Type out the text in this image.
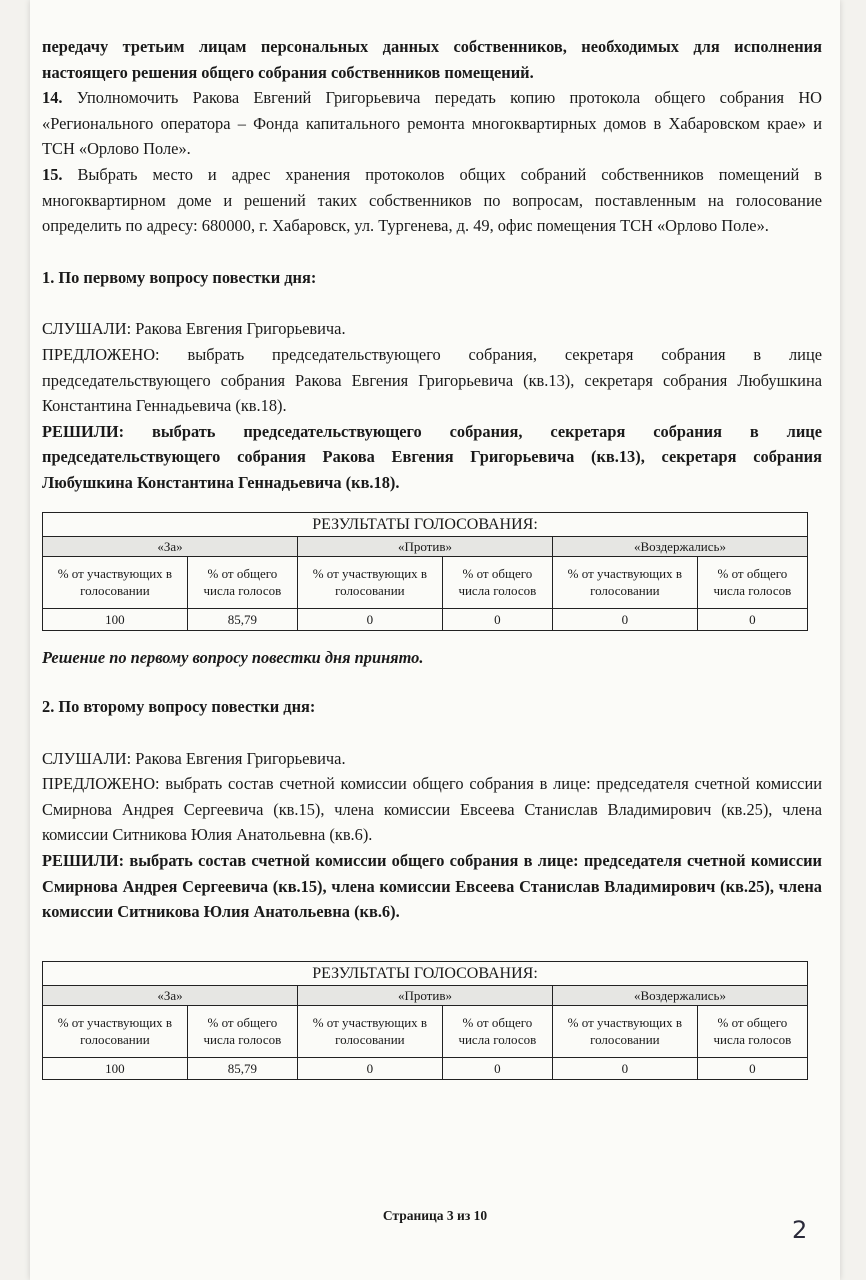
передачу третьим лицам персональных данных собственников, необходимых для исполнения настоящего решения общего собрания собственников помещений.

14. Уполномочить Ракова Евгений Григорьевича передать копию протокола общего собрания НО «Регионального оператора – Фонда капитального ремонта многоквартирных домов в Хабаровском крае» и ТСН «Орлово Поле».

15. Выбрать место и адрес хранения протоколов общих собраний собственников помещений в многоквартирном доме и решений таких собственников по вопросам, поставленным на голосование определить по адресу: 680000, г. Хабаровск, ул. Тургенева, д. 49, офис помещения ТСН «Орлово Поле».

1. По первому вопросу повестки дня:

СЛУШАЛИ: Ракова Евгения Григорьевича.

ПРЕДЛОЖЕНО: выбрать председательствующего собрания, секретаря собрания в лице председательствующего собрания Ракова Евгения Григорьевича (кв.13), секретаря собрания Любушкина Константина Геннадьевича (кв.18).

РЕШИЛИ: выбрать председательствующего собрания, секретаря собрания в лице председательствующего собрания Ракова Евгения Григорьевича (кв.13), секретаря собрания Любушкина Константина Геннадьевича (кв.18).

РЕЗУЛЬТАТЫ ГОЛОСОВАНИЯ:					
«За»		«Против»		«Воздержались»	
% от участвующих в голосовании	% от общего числа голосов	% от участвующих в голосовании	% от общего числа голосов	% от участвующих в голосовании	% от общего числа голосов
100	85,79	0	0	0	0

Решение по первому вопросу повестки дня принято.

2. По второму вопросу повестки дня:

СЛУШАЛИ: Ракова Евгения Григорьевича.

ПРЕДЛОЖЕНО: выбрать состав счетной комиссии общего собрания в лице: председателя счетной комиссии Смирнова Андрея Сергеевича (кв.15), члена комиссии Евсеева Станислав Владимирович (кв.25), члена комиссии Ситникова Юлия Анатольевна (кв.6).

РЕШИЛИ: выбрать состав счетной комиссии общего собрания в лице: председателя счетной комиссии Смирнова Андрея Сергеевича (кв.15), члена комиссии Евсеева Станислав Владимирович (кв.25), члена комиссии Ситникова Юлия Анатольевна (кв.6).

РЕЗУЛЬТАТЫ ГОЛОСОВАНИЯ:					
«За»		«Против»		«Воздержались»	
% от участвующих в голосовании	% от общего числа голосов	% от участвующих в голосовании	% от общего числа голосов	% от участвующих в голосовании	% от общего числа голосов
100	85,79	0	0	0	0
Страница 3 из 10
2
